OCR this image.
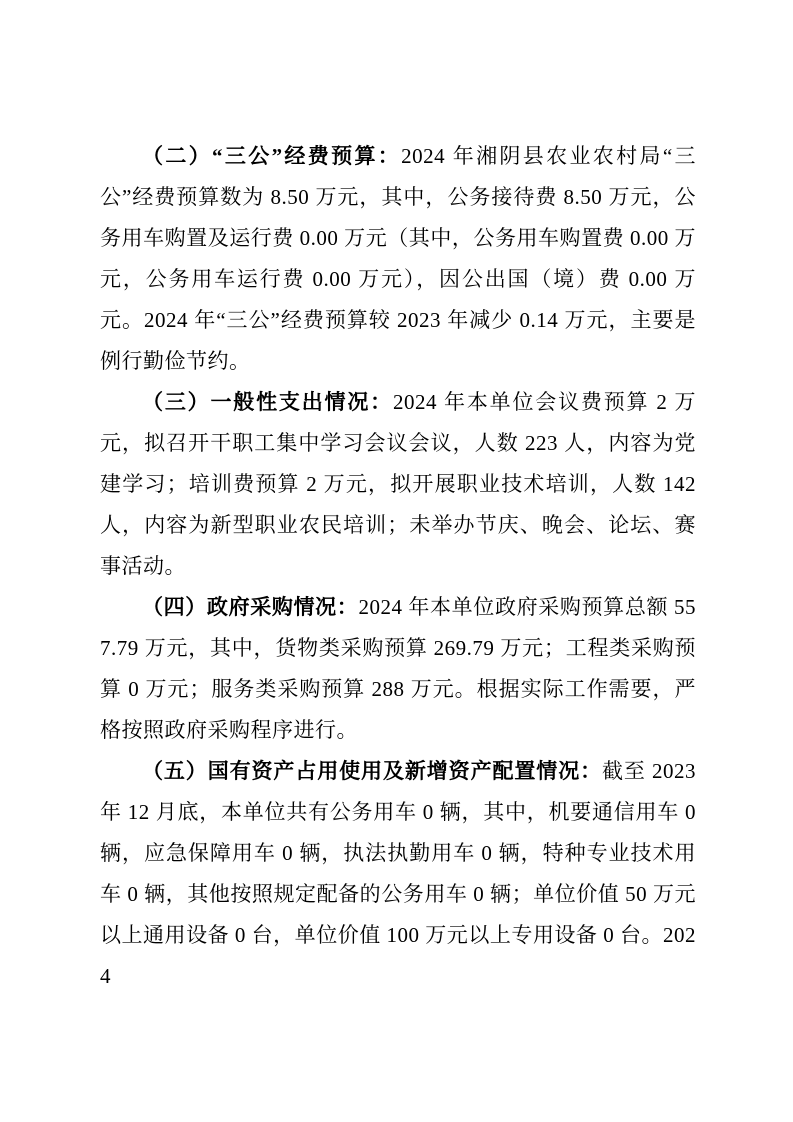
（二）“三公”经费预算：2024 年湘阴县农业农村局“三公”经费预算数为 8.50 万元，其中，公务接待费 8.50 万元，公务用车购置及运行费 0.00 万元（其中，公务用车购置费 0.00 万元，公务用车运行费 0.00 万元），因公出国（境）费 0.00 万元。2024 年“三公”经费预算较 2023 年减少 0.14 万元，主要是例行勤俭节约。

（三）一般性支出情况：2024 年本单位会议费预算 2 万元，拟召开干职工集中学习会议会议，人数 223 人，内容为党建学习；培训费预算 2 万元，拟开展职业技术培训，人数 142 人，内容为新型职业农民培训；未举办节庆、晚会、论坛、赛事活动。

（四）政府采购情况：2024 年本单位政府采购预算总额 557.79 万元，其中，货物类采购预算 269.79 万元；工程类采购预算 0 万元；服务类采购预算 288 万元。根据实际工作需要，严格按照政府采购程序进行。

（五）国有资产占用使用及新增资产配置情况：截至 2023 年 12 月底，本单位共有公务用车 0 辆，其中，机要通信用车 0 辆，应急保障用车 0 辆，执法执勤用车 0 辆，特种专业技术用车 0 辆，其他按照规定配备的公务用车 0 辆；单位价值 50 万元以上通用设备 0 台，单位价值 100 万元以上专用设备 0 台。2024
